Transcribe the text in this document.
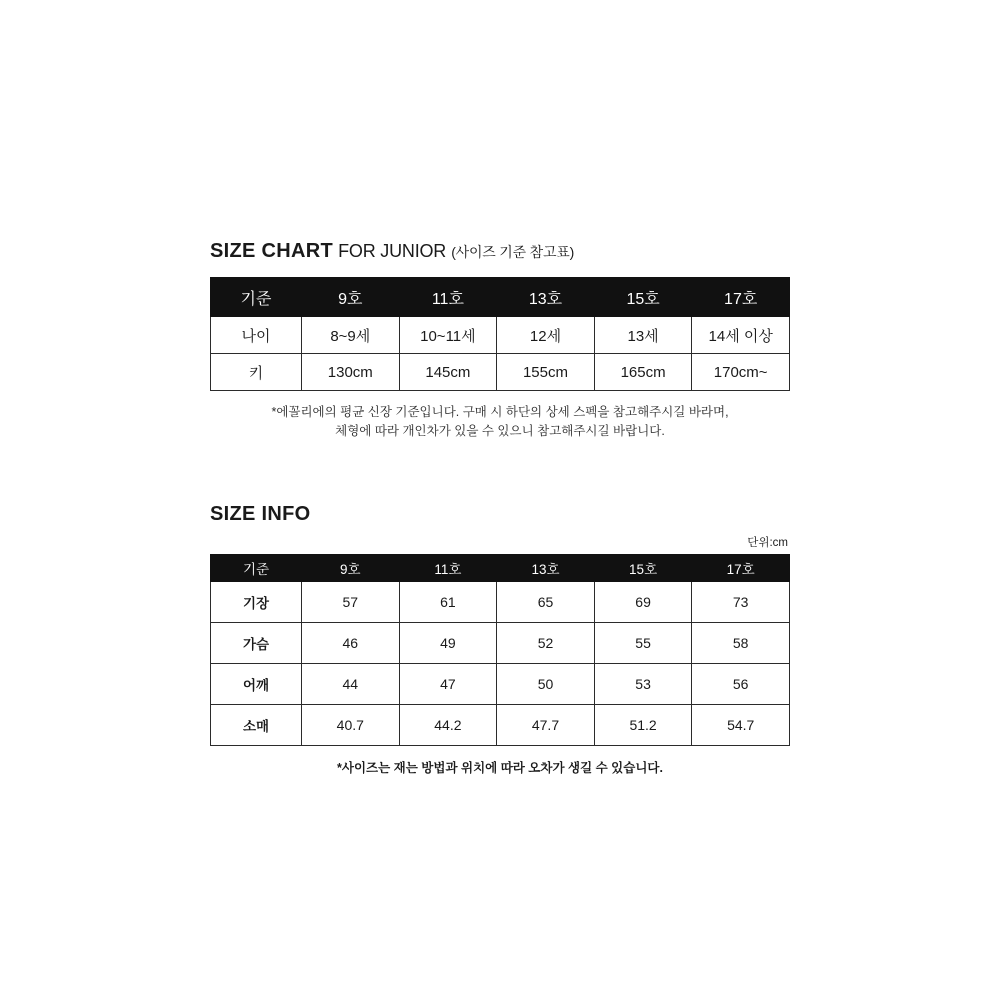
SIZE CHART FOR JUNIOR (사이즈 기준 참고표)
기준	9호	11호	13호	15호	17호
나이	8~9세	10~11세	12세	13세	14세 이상
키	130cm	145cm	155cm	165cm	170cm~
*에꼴리에의 평균 신장 기준입니다. 구매 시 하단의 상세 스펙을 참고해주시길 바라며,
체형에 따라 개인차가 있을 수 있으니 참고해주시길 바랍니다.
SIZE INFO
단위:cm
기준	9호	11호	13호	15호	17호
기장	57	61	65	69	73
가슴	46	49	52	55	58
어깨	44	47	50	53	56
소매	40.7	44.2	47.7	51.2	54.7
*사이즈는 재는 방법과 위치에 따라 오차가 생길 수 있습니다.
